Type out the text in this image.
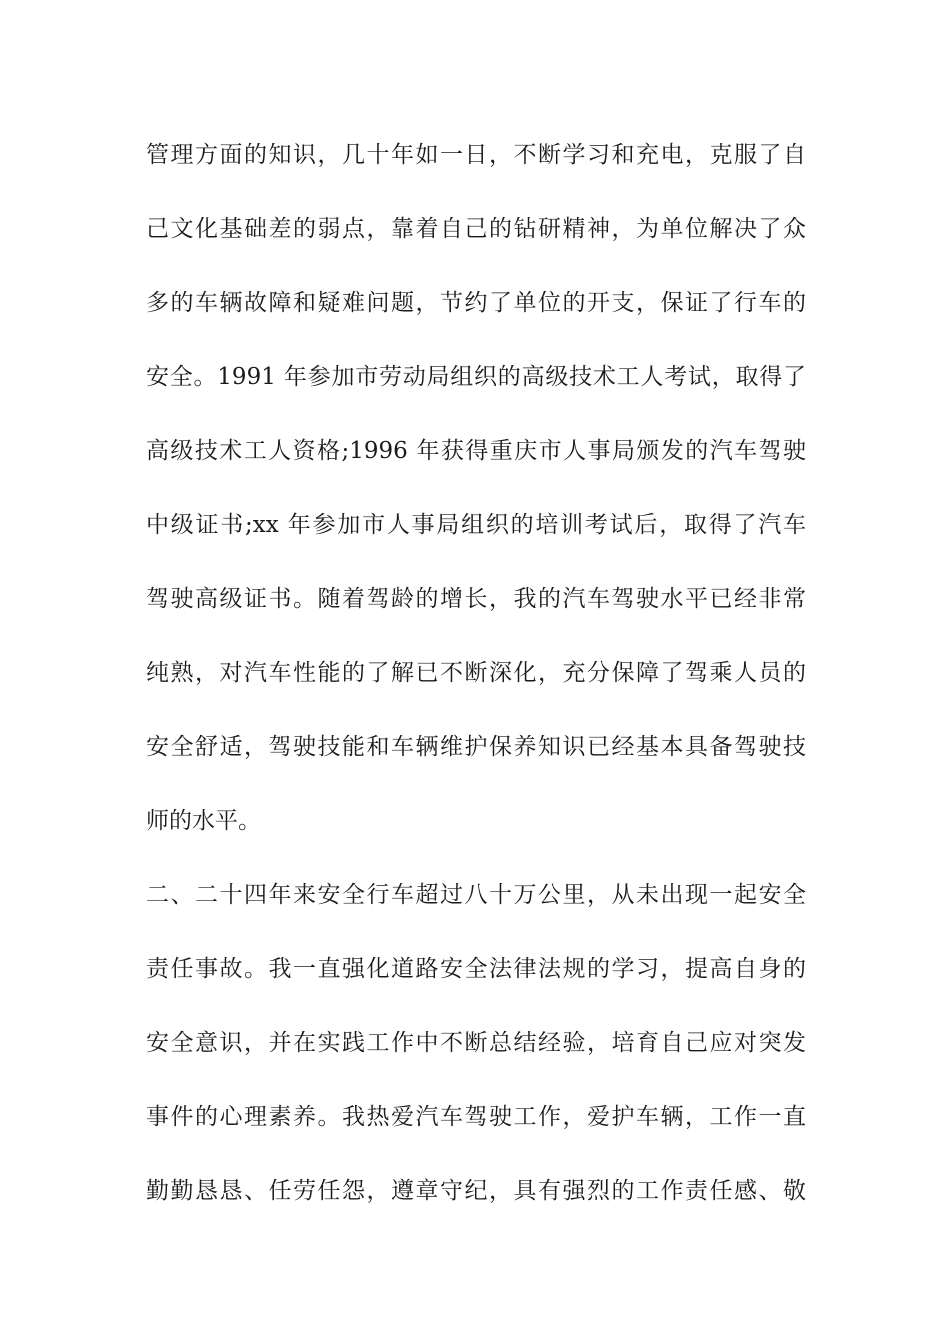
管理方面的知识，几十年如一日，不断学习和充电，克服了自
己文化基础差的弱点，靠着自己的钻研精神，为单位解决了众
多的车辆故障和疑难问题，节约了单位的开支，保证了行车的
安全。1991 年参加市劳动局组织的高级技术工人考试，取得了
高级技术工人资格;1996 年获得重庆市人事局颁发的汽车驾驶
中级证书;xx 年参加市人事局组织的培训考试后，取得了汽车
驾驶高级证书。随着驾龄的增长，我的汽车驾驶水平已经非常
纯熟，对汽车性能的了解已不断深化，充分保障了驾乘人员的
安全舒适，驾驶技能和车辆维护保养知识已经基本具备驾驶技
师的水平。
二、二十四年来安全行车超过八十万公里，从未出现一起安全
责任事故。我一直强化道路安全法律法规的学习，提高自身的
安全意识，并在实践工作中不断总结经验，培育自己应对突发
事件的心理素养。我热爱汽车驾驶工作，爱护车辆，工作一直
勤勤恳恳、任劳任怨，遵章守纪，具有强烈的工作责任感、敬
